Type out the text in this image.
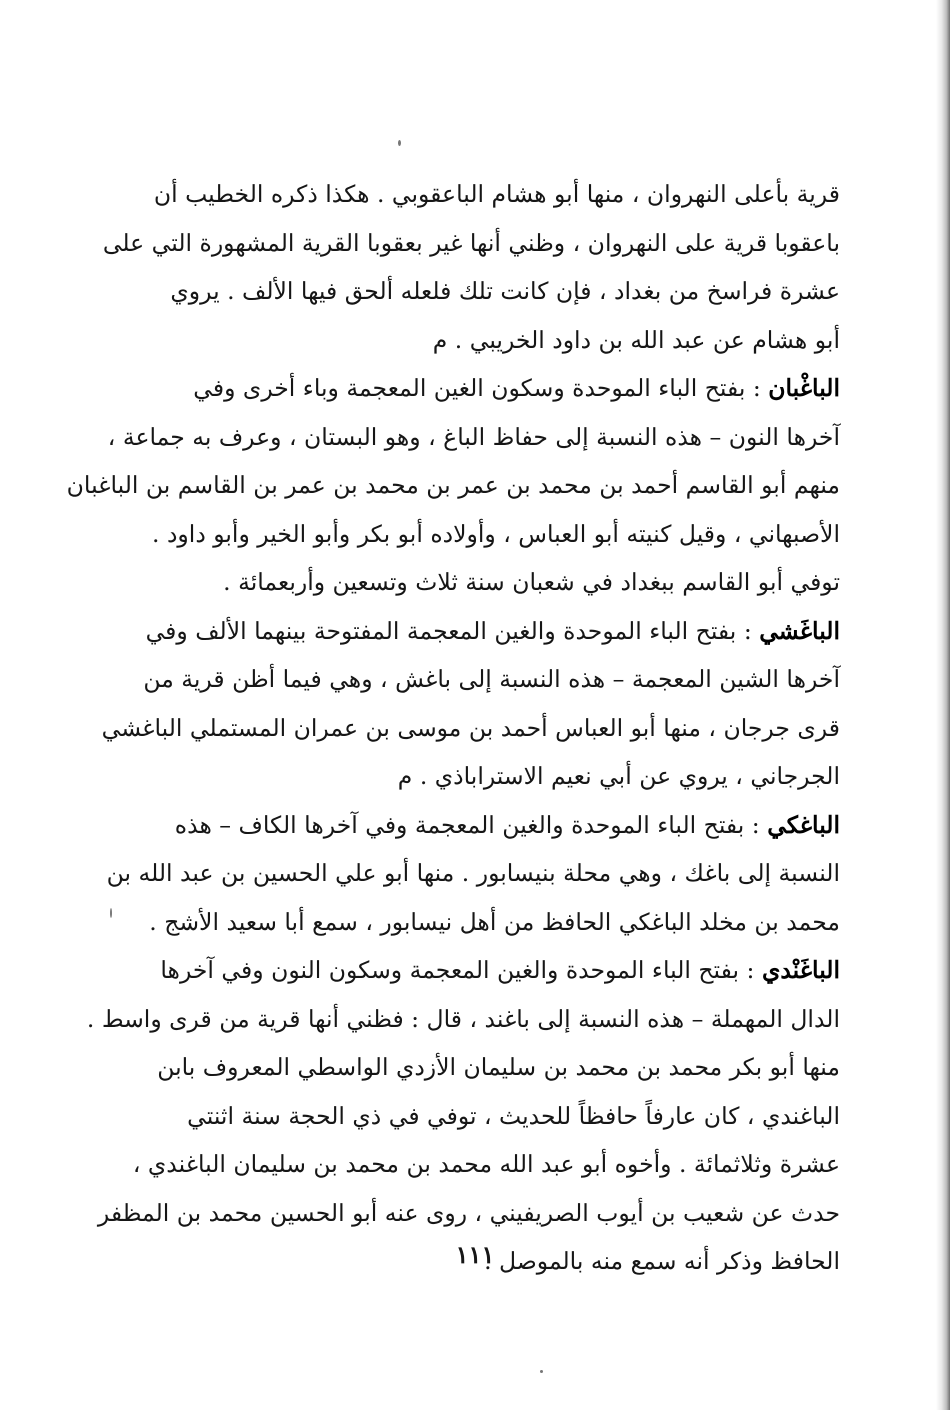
قرية بأعلى النهروان ، منها أبو هشام الباعقوبي . هكذا ذكره الخطيب أن
باعقوبا قرية على النهروان ، وظني أنها غير بعقوبا القرية المشهورة التي على
عشرة فراسخ من بغداد ، فإن كانت تلك فلعله ألحق فيها الألف . يروي
أبو هشام عن عبد الله بن داود الخريبي . م
الباغْبان : بفتح الباء الموحدة وسكون الغين المعجمة وباء أخرى وفي
آخرها النون – هذه النسبة إلى حفاظ الباغ ، وهو البستان ، وعرف به جماعة ،
منهم أبو القاسم أحمد بن محمد بن عمر بن محمد بن عمر بن القاسم بن الباغبان
الأصبهاني ، وقيل كنيته أبو العباس ، وأولاده أبو بكر وأبو الخير وأبو داود .
توفي أبو القاسم ببغداد في شعبان سنة ثلاث وتسعين وأربعمائة .
الباغَشي : بفتح الباء الموحدة والغين المعجمة المفتوحة بينهما الألف وفي
آخرها الشين المعجمة – هذه النسبة إلى باغش ، وهي فيما أظن قرية من
قرى جرجان ، منها أبو العباس أحمد بن موسى بن عمران المستملي الباغشي
الجرجاني ، يروي عن أبي نعيم الاستراباذي . م
الباغكي : بفتح الباء الموحدة والغين المعجمة وفي آخرها الكاف – هذه
النسبة إلى باغك ، وهي محلة بنيسابور . منها أبو علي الحسين بن عبد الله بن
محمد بن مخلد الباغكي الحافظ من أهل نيسابور ، سمع أبا سعيد الأشج .
الباغَنْدي : بفتح الباء الموحدة والغين المعجمة وسكون النون وفي آخرها
الدال المهملة – هذه النسبة إلى باغند ، قال : فظني أنها قرية من قرى واسط .
منها أبو بكر محمد بن محمد بن سليمان الأزدي الواسطي المعروف بابن
الباغندي ، كان عارفاً حافظاً للحديث ، توفي في ذي الحجة سنة اثنتي
عشرة وثلاثمائة . وأخوه أبو عبد الله محمد بن محمد بن سليمان الباغندي ،
حدث عن شعيب بن أيوب الصريفيني ، روى عنه أبو الحسين محمد بن المظفر
الحافظ وذكر أنه سمع منه بالموصل .
١١١
